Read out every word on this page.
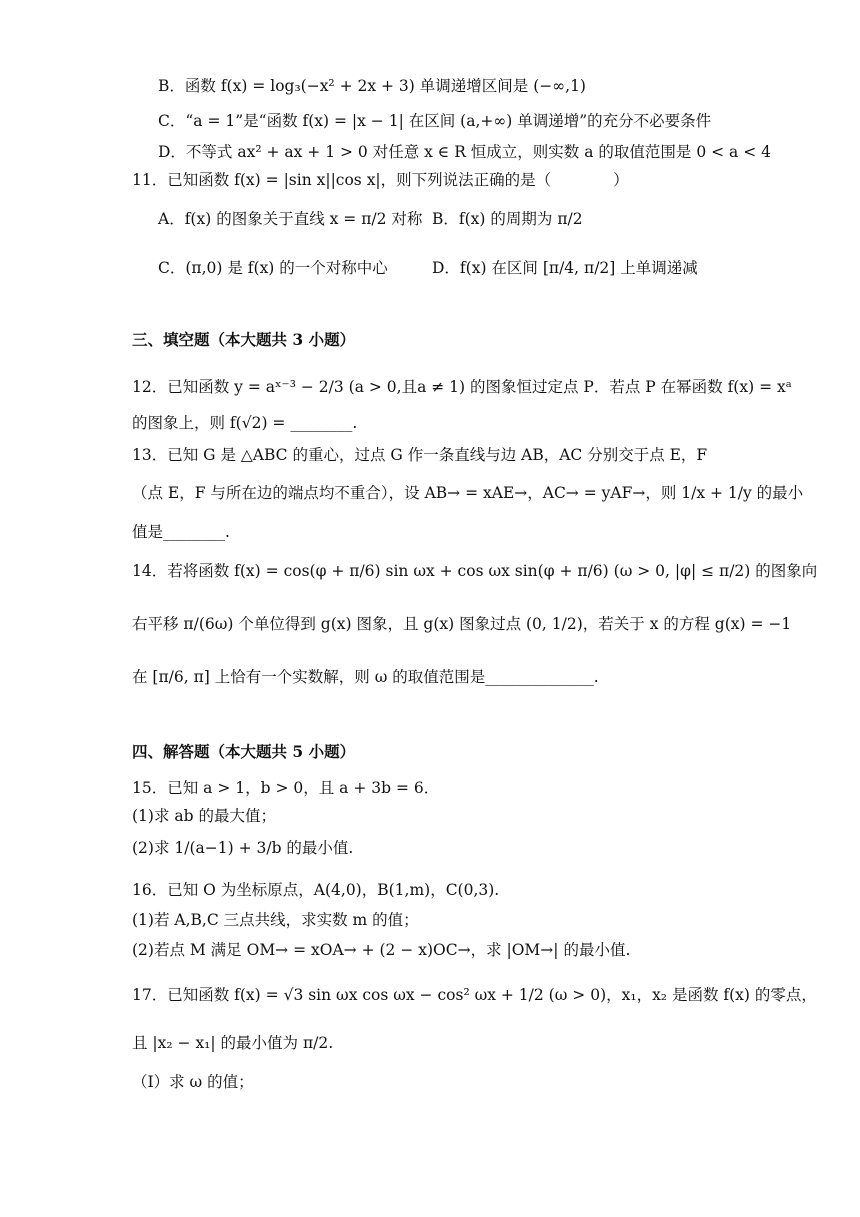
B．函数 f(x) = log₃(−x² + 2x + 3) 单调递增区间是 (−∞,1)
C．“a = 1”是“函数 f(x) = |x − 1| 在区间 (a,+∞) 单调递增”的充分不必要条件
D．不等式 ax² + ax + 1 > 0 对任意 x ∈ R 恒成立，则实数 a 的取值范围是 0 < a < 4
11．已知函数 f(x) = |sin x||cos x|，则下列说法正确的是（　　　　）
A．f(x) 的图象关于直线 x = π/2 对称 B．f(x) 的周期为 π/2
C．(π,0) 是 f(x) 的一个对称中心	D．f(x) 在区间 [π/4, π/2] 上单调递减
三、填空题（本大题共 3 小题）
12．已知函数 y = aˣ⁻³ − 2/3 (a > 0,且a ≠ 1) 的图象恒过定点 P．若点 P 在幂函数 f(x) = xᵃ
的图象上，则 f(√2) = ________.
13．已知 G 是 △ABC 的重心，过点 G 作一条直线与边 AB，AC 分别交于点 E，F
（点 E，F 与所在边的端点均不重合），设 AB→ = xAE→，AC→ = yAF→，则 1/x + 1/y 的最小
值是________.
14．若将函数 f(x) = cos(φ + π/6) sin ωx + cos ωx sin(φ + π/6) (ω > 0, |φ| ≤ π/2) 的图象向
右平移 π/(6ω) 个单位得到 g(x) 图象，且 g(x) 图象过点 (0, 1/2)，若关于 x 的方程 g(x) = −1
在 [π/6, π] 上恰有一个实数解，则 ω 的取值范围是______________.
四、解答题（本大题共 5 小题）
15．已知 a > 1，b > 0，且 a + 3b = 6．
(1)求 ab 的最大值；
(2)求 1/(a−1) + 3/b 的最小值.
16．已知 O 为坐标原点，A(4,0)，B(1,m)，C(0,3).
(1)若 A,B,C 三点共线，求实数 m 的值；
(2)若点 M 满足 OM→ = xOA→ + (2 − x)OC→，求 |OM→| 的最小值.
17．已知函数 f(x) = √3 sin ωx cos ωx − cos² ωx + 1/2 (ω > 0)，x₁，x₂ 是函数 f(x) 的零点，
且 |x₂ − x₁| 的最小值为 π/2.
（Ⅰ）求 ω 的值；
